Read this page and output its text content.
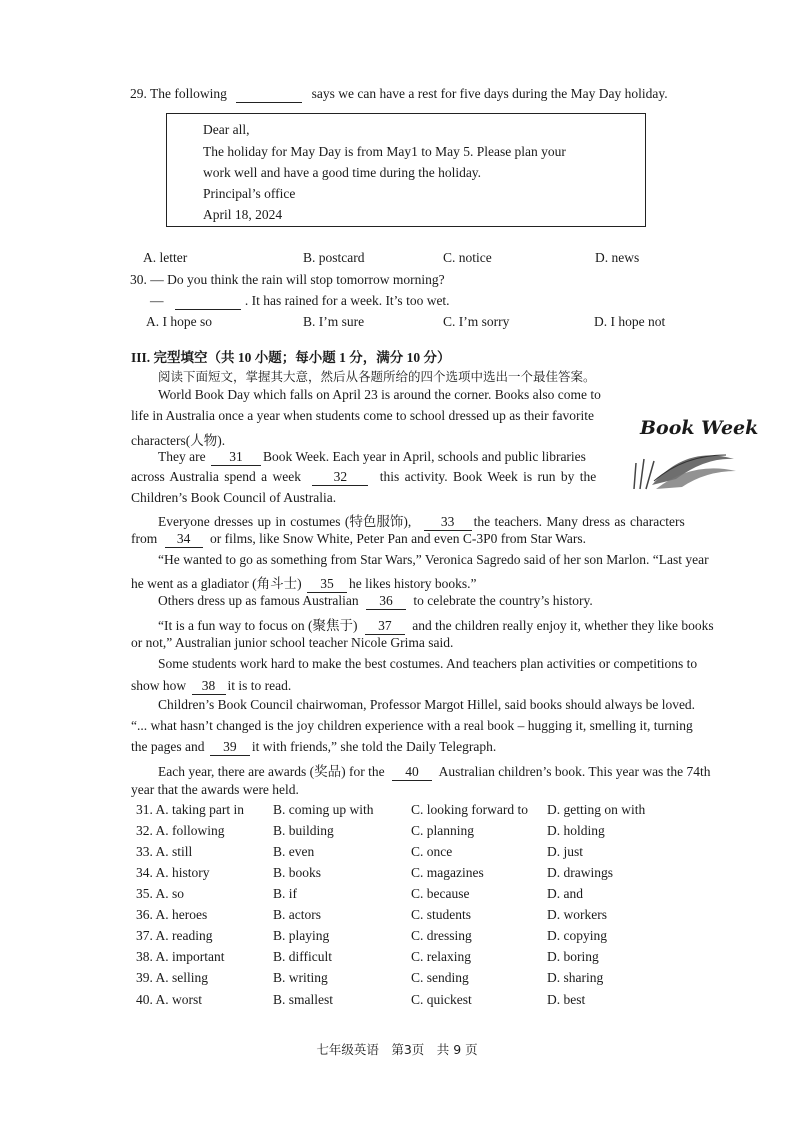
29. The following	says we can have a rest for five days during the May Day holiday.
Dear all,
The holiday for May Day is from May1 to May 5. Please plan your
work well and have a good time during the holiday.
Principal’s office
April 18, 2024
A. letter	B. postcard	C. notice	D. news
30. — Do you think the rain will stop tomorrow morning?
—	. It has rained for a week. It’s too wet.
A. I hope so	B. I’m sure	C. I’m sorry	D. I hope not
III. 完型填空（共 10 小题；每小题 1 分，满分 10 分）
阅读下面短文，掌握其大意，然后从各题所给的四个选项中选出一个最佳答案。
World Book Day which falls on April 23 is around the corner. Books also come to
life in Australia once a year when students come to school dressed up as their favorite
characters(人物).
They are 31 Book Week. Each year in April, schools and public libraries
across Australia spend a week 32 this activity. Book Week is run by the
Children’s Book Council of Australia.
Book Week
Everyone dresses up in costumes (特色服饰), 33 the teachers. Many dress as characters
from 34 or films, like Snow White, Peter Pan and even C-3P0 from Star Wars.
“He wanted to go as something from Star Wars,” Veronica Sagredo said of her son Marlon. “Last year
he went as a gladiator (角斗士) 35 he likes history books.”
Others dress up as famous Australian 36 to celebrate the country’s history.
“It is a fun way to focus on (聚焦于) 37 and the children really enjoy it, whether they like books
or not,” Australian junior school teacher Nicole Grima said.
Some students work hard to make the best costumes. And teachers plan activities or competitions to
show how 38 it is to read.
Children’s Book Council chairwoman, Professor Margot Hillel, said books should always be loved.
“... what hasn’t changed is the joy children experience with a real book – hugging it, smelling it, turning
the pages and 39 it with friends,” she told the Daily Telegraph.
Each year, there are awards (奖品) for the 40 Australian children’s book. This year was the 74th
year that the awards were held.
31. A. taking part in B. coming up with	C. looking forward to D. getting on with
32. A. following	B. building	C. planning	D. holding
33. A. still	B. even	C. once	D. just
34. A. history	B. books	C. magazines	D. drawings
35. A. so	B. if	C. because	D. and
36. A. heroes	B. actors	C. students	D. workers
37. A. reading	B. playing	C. dressing	D. copying
38. A. important	B. difficult	C. relaxing	D. boring
39. A. selling	B. writing	C. sending	D. sharing
40. A. worst	B. smallest	C. quickest	D. best
七年级英语　第3页　共 9 页
